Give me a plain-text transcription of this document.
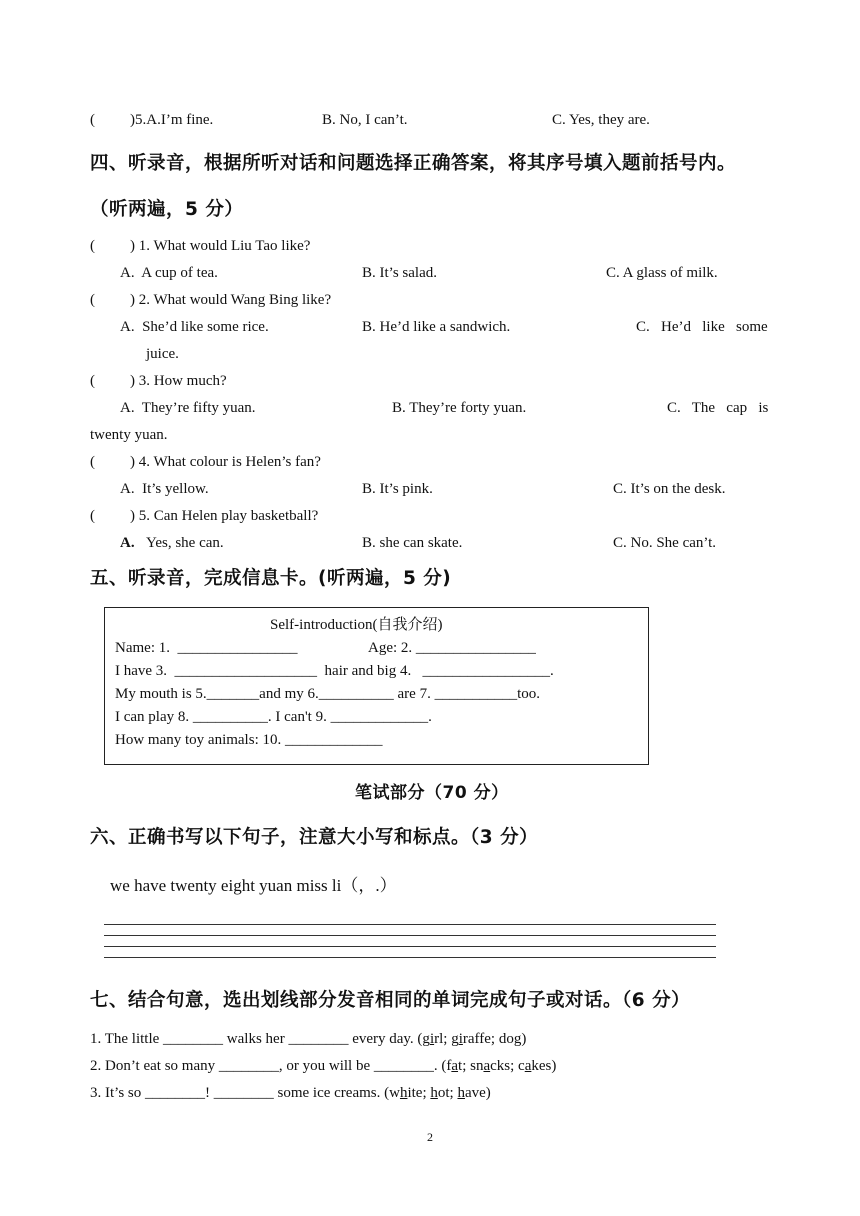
( )5.A.I’m fine.	B. No, I can’t.	C. Yes, they are.
四、听录音，根据所听对话和问题选择正确答案，将其序号填入题前括号内。
（听两遍，5 分）
( ) 1. What would Liu Tao like?
A.  A cup of tea.	B. It’s salad.	C. A glass of milk.
( ) 2. What would Wang Bing like?
A.  She’d like some rice.	B. He’d like a sandwich.	C.   He’d   like   some
juice.
( ) 3. How much?
A.  They’re fifty yuan.	B. They’re forty yuan.	C.   The   cap   is
twenty yuan.
( ) 4. What colour is Helen’s fan?
A.  It’s yellow.	B. It’s pink.	C. It’s on the desk.
( ) 5. Can Helen play basketball?
A. Yes, she can.	B. she can skate.	C. No. She can’t.
五、听录音，完成信息卡。(听两遍，5 分)
Self-introduction(自我介绍)
Name: 1.  ________________	Age: 2. ________________
I have 3.  ___________________  hair and big 4.   _________________.
My mouth is 5._______and my 6.__________ are 7. ___________too.
I can play 8. __________. I can't 9. _____________.
How many toy animals: 10. _____________
笔试部分（70 分）
六、正确书写以下句子，注意大小写和标点。（3 分）
we have twenty eight yuan miss li（，.）
七、结合句意，选出划线部分发音相同的单词完成句子或对话。（6 分）
1. The little ________ walks her ________ every day. (girl; giraffe; dog)
2. Don’t eat so many ________, or you will be ________. (fat; snacks; cakes)
3. It’s so ________! ________ some ice creams. (white; hot; have)
2
